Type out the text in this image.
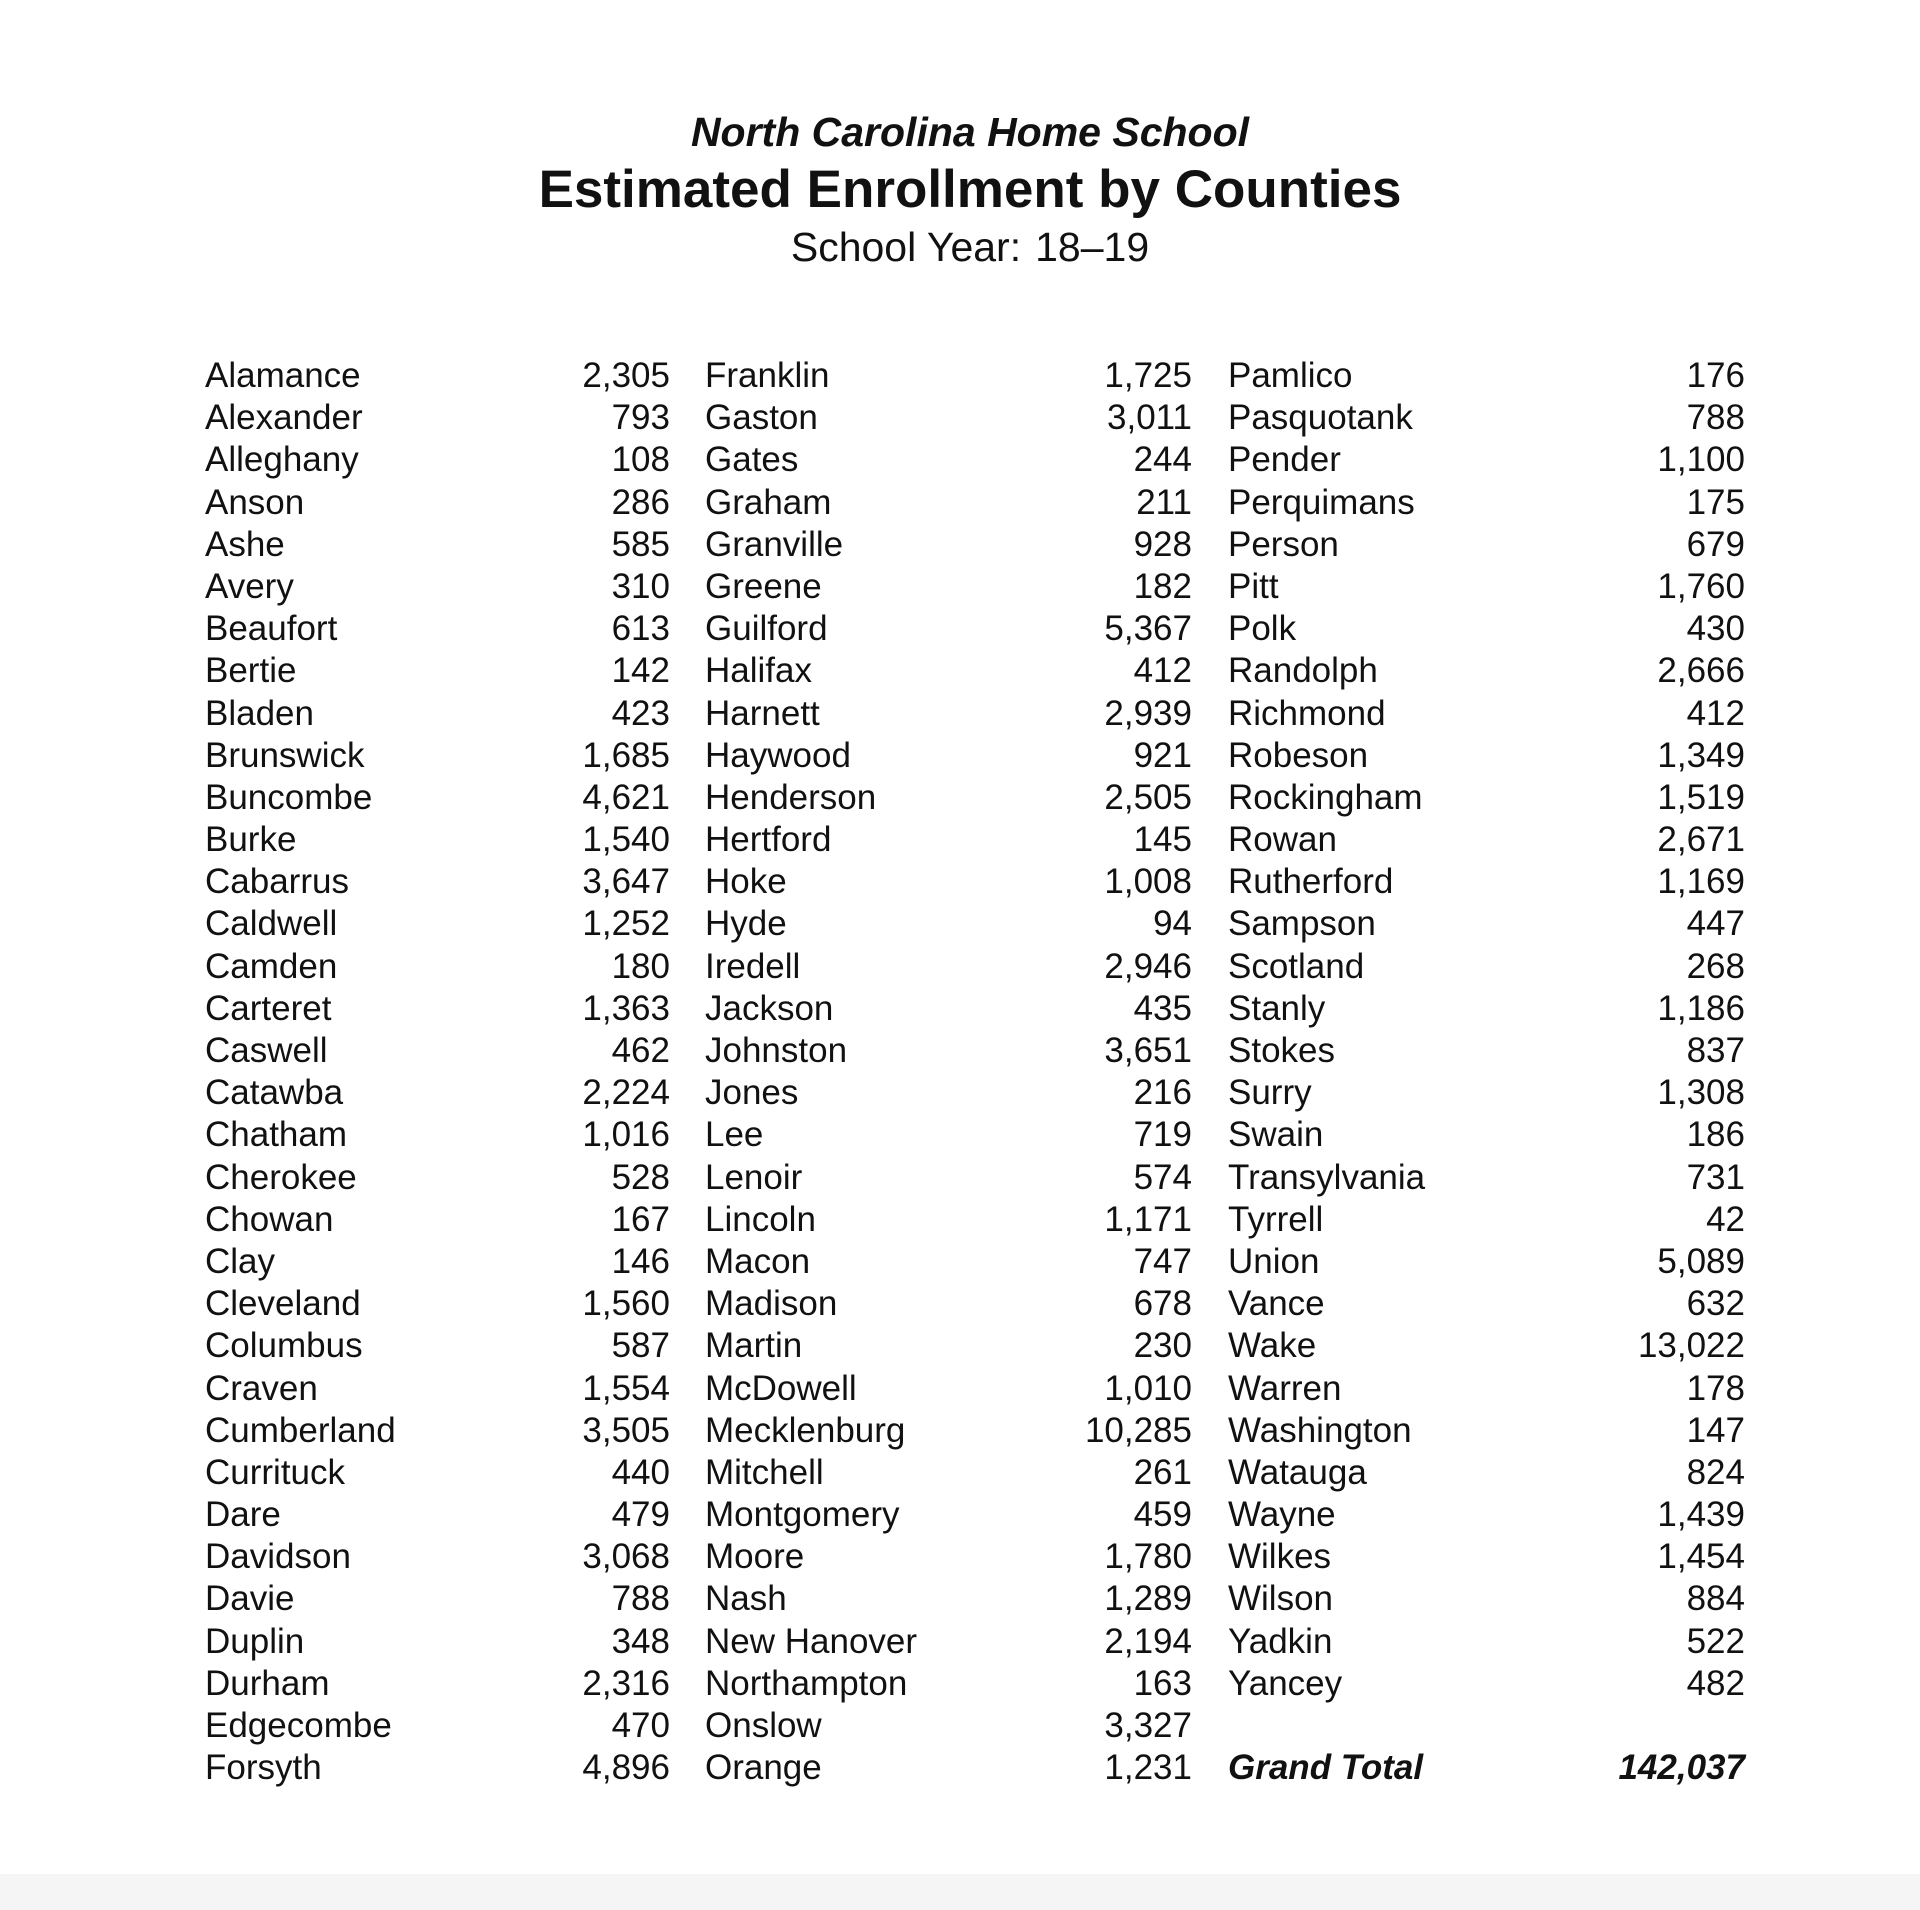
North Carolina Home School
Estimated Enrollment by Counties
School Year: 18–19
Alamance	2,305
Alexander	793
Alleghany	108
Anson	286
Ashe	585
Avery	310
Beaufort	613
Bertie	142
Bladen	423
Brunswick	1,685
Buncombe	4,621
Burke	1,540
Cabarrus	3,647
Caldwell	1,252
Camden	180
Carteret	1,363
Caswell	462
Catawba	2,224
Chatham	1,016
Cherokee	528
Chowan	167
Clay	146
Cleveland	1,560
Columbus	587
Craven	1,554
Cumberland	3,505
Currituck	440
Dare	479
Davidson	3,068
Davie	788
Duplin	348
Durham	2,316
Edgecombe	470
Forsyth	4,896
Franklin	1,725
Gaston	3,011
Gates	244
Graham	211
Granville	928
Greene	182
Guilford	5,367
Halifax	412
Harnett	2,939
Haywood	921
Henderson	2,505
Hertford	145
Hoke	1,008
Hyde	94
Iredell	2,946
Jackson	435
Johnston	3,651
Jones	216
Lee	719
Lenoir	574
Lincoln	1,171
Macon	747
Madison	678
Martin	230
McDowell	1,010
Mecklenburg	10,285
Mitchell	261
Montgomery	459
Moore	1,780
Nash	1,289
New Hanover	2,194
Northampton	163
Onslow	3,327
Orange	1,231
Pamlico	176
Pasquotank	788
Pender	1,100
Perquimans	175
Person	679
Pitt	1,760
Polk	430
Randolph	2,666
Richmond	412
Robeson	1,349
Rockingham	1,519
Rowan	2,671
Rutherford	1,169
Sampson	447
Scotland	268
Stanly	1,186
Stokes	837
Surry	1,308
Swain	186
Transylvania	731
Tyrrell	42
Union	5,089
Vance	632
Wake	13,022
Warren	178
Washington	147
Watauga	824
Wayne	1,439
Wilkes	1,454
Wilson	884
Yadkin	522
Yancey	482
Grand Total	142,037
